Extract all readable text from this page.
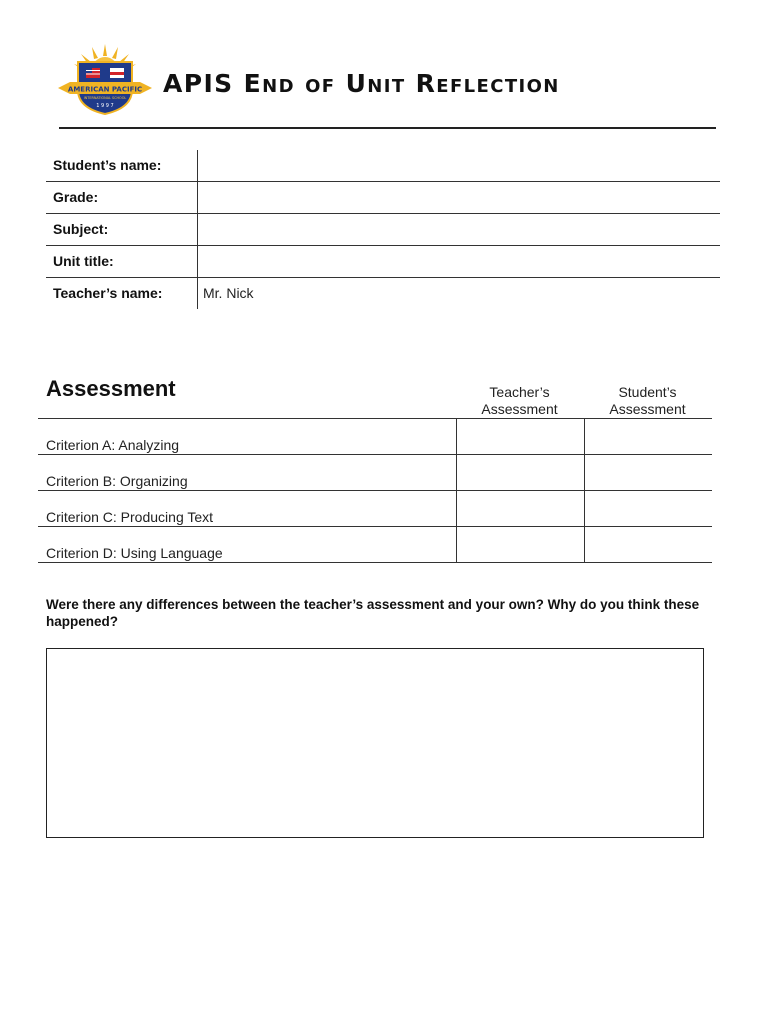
AMERICAN PACIFIC
INTERNATIONAL SCHOOL
1 9 9 7
APIS End of Unit Reflection
Student’s name:
Grade:
Subject:
Unit title:
Teacher’s name:	Mr. Nick
Assessment	Teacher’s
Assessment
Student’s
Assessment
Criterion A: Analyzing
Criterion B: Organizing
Criterion C: Producing Text
Criterion D: Using Language

Were there any differences between the teacher’s assessment and your own? Why do you think these happened?
